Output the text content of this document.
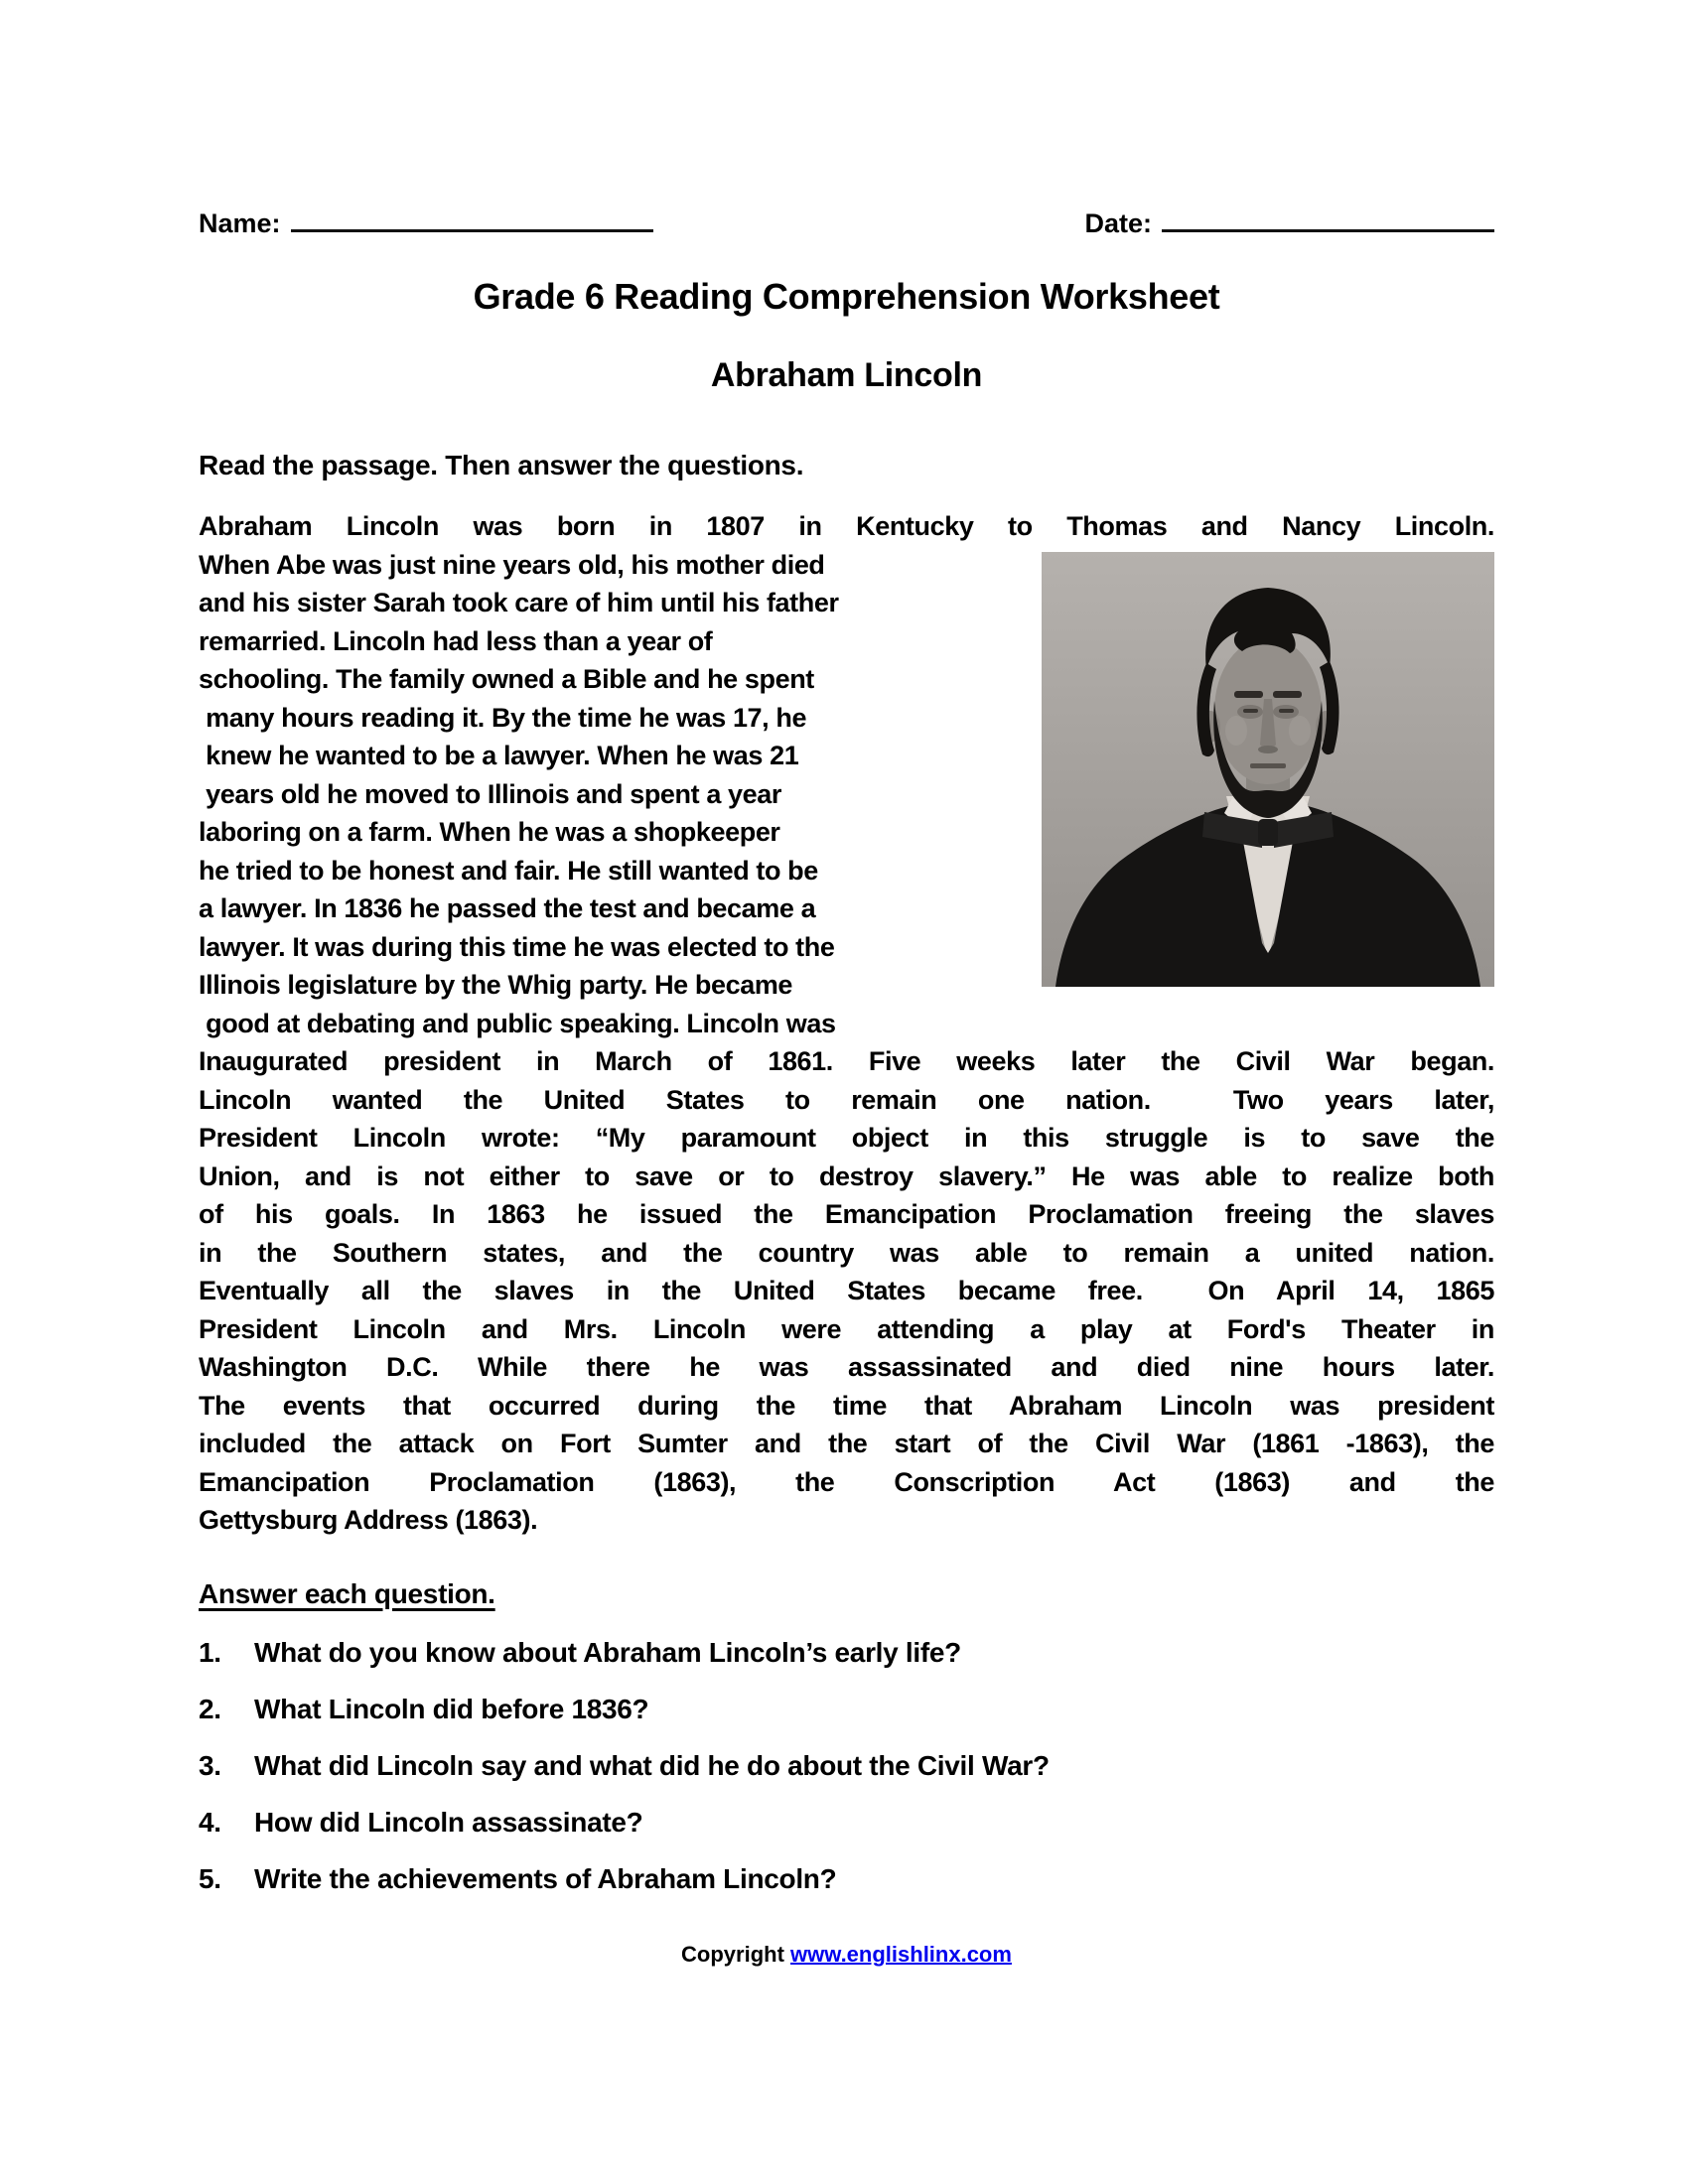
Name:	Date:
Grade 6 Reading Comprehension Worksheet
Abraham Lincoln
Read the passage. Then answer the questions.
Abraham Lincoln was born in 1807 in Kentucky to Thomas and Nancy Lincoln.
When Abe was just nine years old, his mother died
and his sister Sarah took care of him until his father
remarried. Lincoln had less than a year of
schooling. The family owned a Bible and he spent
many hours reading it. By the time he was 17, he
knew he wanted to be a lawyer. When he was 21
years old he moved to Illinois and spent a year
laboring on a farm. When he was a shopkeeper
he tried to be honest and fair. He still wanted to be
a lawyer. In 1836 he passed the test and became a
lawyer. It was during this time he was elected to the
Illinois legislature by the Whig party. He became
good at debating and public speaking. Lincoln was
Inaugurated president in March of 1861. Five weeks later the Civil War began.
Lincoln wanted the United States to remain one nation.  Two years later,
President Lincoln wrote: “My paramount object in this struggle is to save the
Union, and is not either to save or to destroy slavery.” He was able to realize both
of his goals. In 1863 he issued the Emancipation Proclamation freeing the slaves
in the Southern states, and the country was able to remain a united nation.
Eventually all the slaves in the United States became free.  On April 14, 1865
President Lincoln and Mrs. Lincoln were attending a play at Ford's Theater in
Washington D.C. While there he was assassinated and died nine hours later.
The events that occurred during the time that Abraham Lincoln was president
included the attack on Fort Sumter and the start of the Civil War (1861 -1863), the
Emancipation Proclamation (1863), the Conscription Act (1863) and the
Gettysburg Address (1863).
Answer each question.
1.	What do you know about Abraham Lincoln’s early life?
2.	What Lincoln did before 1836?
3.	What did Lincoln say and what did he do about the Civil War?
4.	How did Lincoln assassinate?
5.	Write the achievements of Abraham Lincoln?
Copyright www.englishlinx.com
